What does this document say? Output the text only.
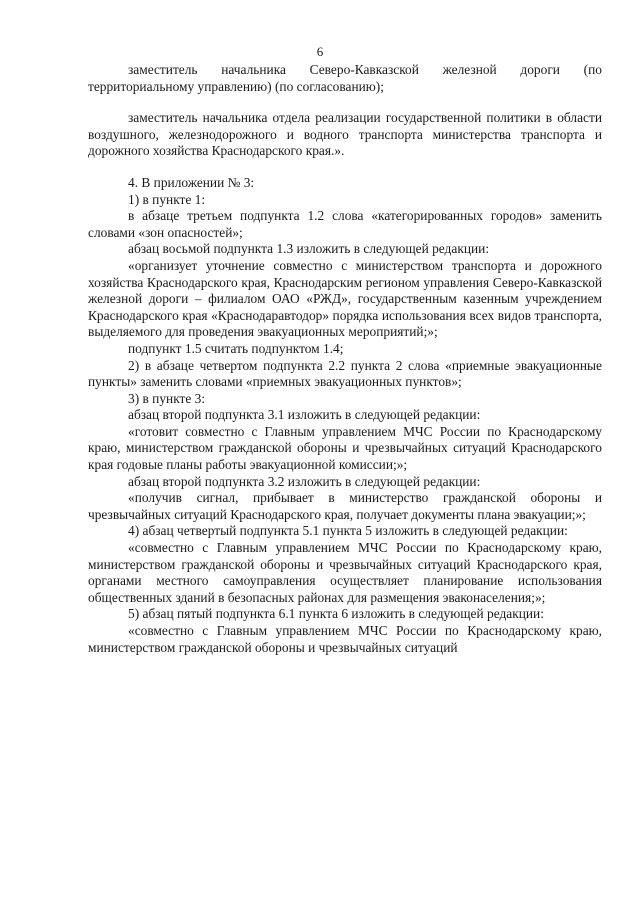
6

заместитель начальника Северо-Кавказской железной дороги (по территориальному управлению) (по согласованию);

заместитель начальника отдела реализации государственной политики в области воздушного, железнодорожного и водного транспорта министерства транспорта и дорожного хозяйства Краснодарского края.».

4. В приложении № 3:

1) в пункте 1:

в абзаце третьем подпункта 1.2 слова «категорированных городов» заменить словами «зон опасностей»;

абзац восьмой подпункта 1.3 изложить в следующей редакции:

«организует уточнение совместно с министерством транспорта и дорожного хозяйства Краснодарского края, Краснодарским регионом управления Северо-Кавказской железной дороги – филиалом ОАО «РЖД», государственным казенным учреждением Краснодарского края «Краснодаравтодор» порядка использования всех видов транспорта, выделяемого для проведения эвакуационных мероприятий;»;

подпункт 1.5 считать подпунктом 1.4;

2) в абзаце четвертом подпункта 2.2 пункта 2 слова «приемные эвакуационные пункты» заменить словами «приемных эвакуационных пунктов»;

3) в пункте 3:

абзац второй подпункта 3.1 изложить в следующей редакции:

«готовит совместно с Главным управлением МЧС России по Краснодарскому краю, министерством гражданской обороны и чрезвычайных ситуаций Краснодарского края годовые планы работы эвакуационной комиссии;»;

абзац второй подпункта 3.2 изложить в следующей редакции:

«получив сигнал, прибывает в министерство гражданской обороны и чрезвычайных ситуаций Краснодарского края, получает документы плана эвакуации;»;

4) абзац четвертый подпункта 5.1 пункта 5 изложить в следующей редакции:

«совместно с Главным управлением МЧС России по Краснодарскому краю, министерством гражданской обороны и чрезвычайных ситуаций Краснодарского края, органами местного самоуправления осуществляет планирование использования общественных зданий в безопасных районах для размещения эваконаселения;»;

5) абзац пятый подпункта 6.1 пункта 6 изложить в следующей редакции:

«совместно с Главным управлением МЧС России по Краснодарскому краю, министерством гражданской обороны и чрезвычайных ситуаций
